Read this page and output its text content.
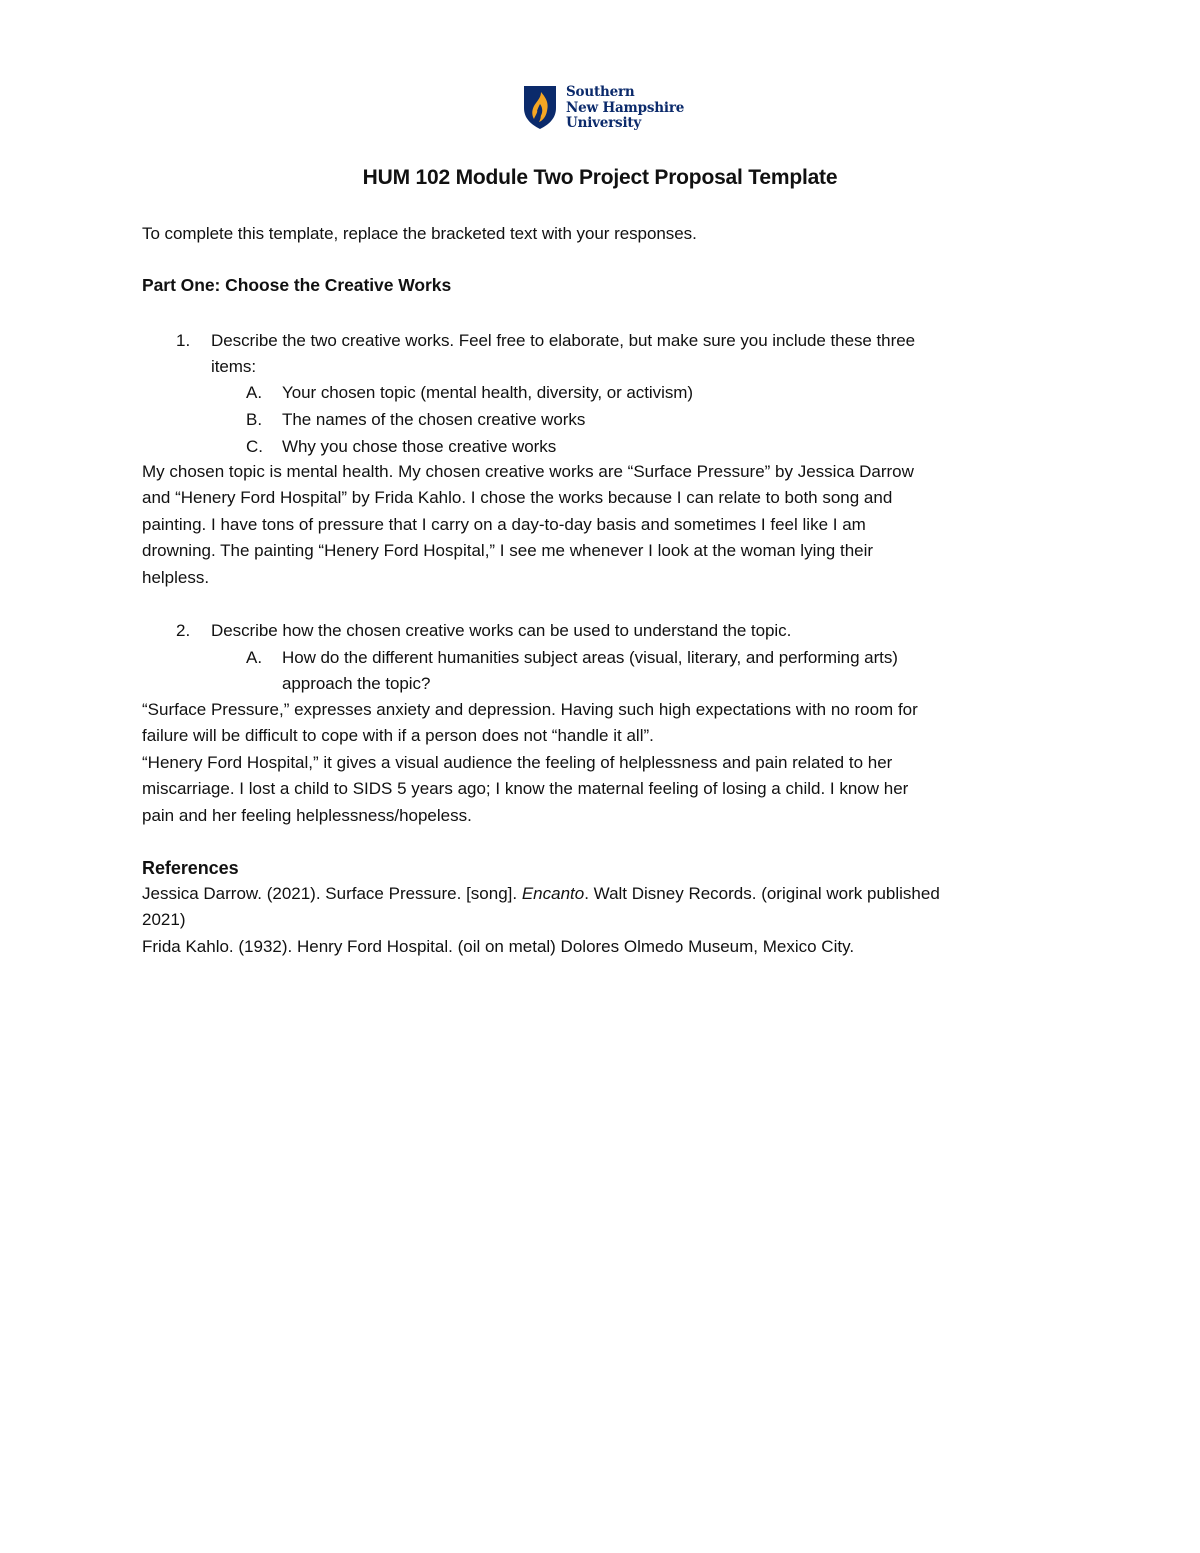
Southern
New Hampshire
University
HUM 102 Module Two Project Proposal Template
To complete this template, replace the bracketed text with your responses.
Part One: Choose the Creative Works
1. Describe the two creative works. Feel free to elaborate, but make sure you include these three
items:
A. Your chosen topic (mental health, diversity, or activism)
B. The names of the chosen creative works
C. Why you chose those creative works
My chosen topic is mental health. My chosen creative works are “Surface Pressure” by Jessica Darrow
and “Henery Ford Hospital” by Frida Kahlo. I chose the works because I can relate to both song and
painting. I have tons of pressure that I carry on a day-to-day basis and sometimes I feel like I am
drowning. The painting “Henery Ford Hospital,” I see me whenever I look at the woman lying their
helpless.
2. Describe how the chosen creative works can be used to understand the topic.
A. How do the different humanities subject areas (visual, literary, and performing arts)
approach the topic?
“Surface Pressure,” expresses anxiety and depression. Having such high expectations with no room for
failure will be difficult to cope with if a person does not “handle it all”.
“Henery Ford Hospital,” it gives a visual audience the feeling of helplessness and pain related to her
miscarriage. I lost a child to SIDS 5 years ago; I know the maternal feeling of losing a child. I know her
pain and her feeling helplessness/hopeless.
References
Jessica Darrow. (2021). Surface Pressure. [song]. Encanto. Walt Disney Records. (original work published
2021)
Frida Kahlo. (1932). Henry Ford Hospital. (oil on metal) Dolores Olmedo Museum, Mexico City.
